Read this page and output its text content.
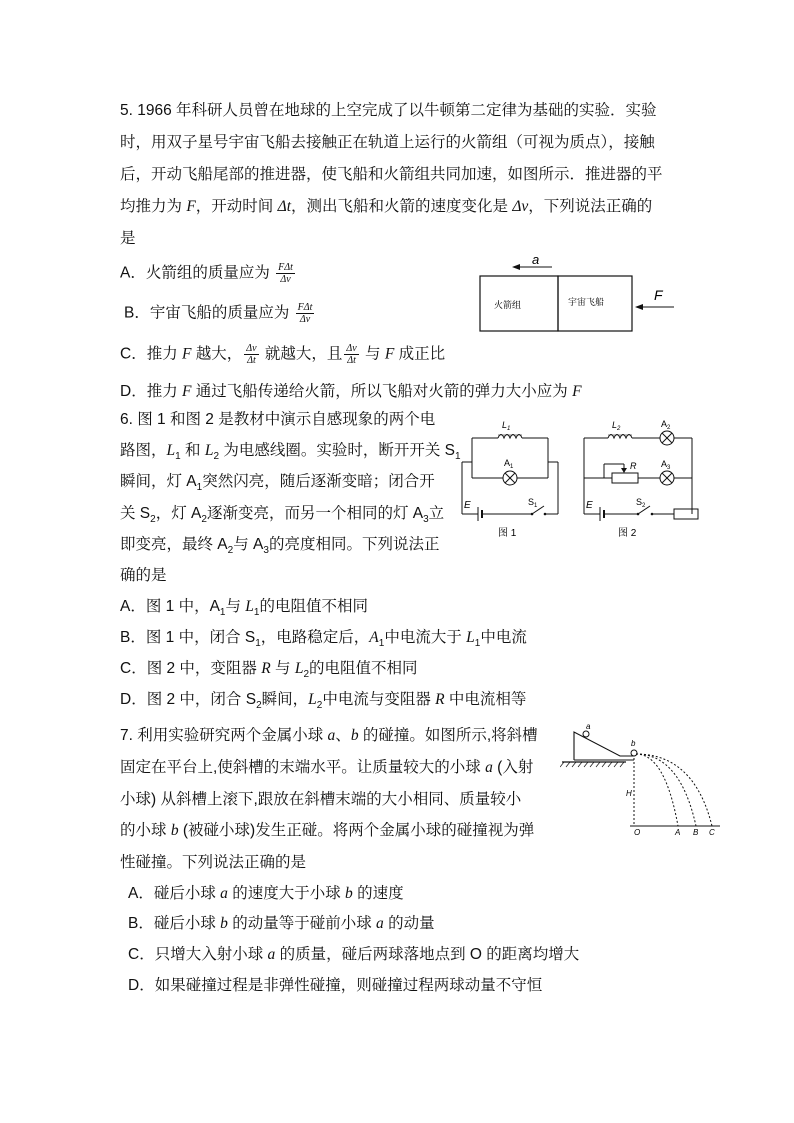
5. 1966 年科研人员曾在地球的上空完成了以牛顿第二定律为基础的实验．实验
时，用双子星号宇宙飞船去接触正在轨道上运行的火箭组（可视为质点），接触
后，开动飞船尾部的推进器，使飞船和火箭组共同加速，如图所示．推进器的平
均推力为 F，开动时间 Δt，测出飞船和火箭的速度变化是 Δv，下列说法正确的
是
A．火箭组的质量应为 $\frac{\text{FΔt}}{\Delta v}$
B．宇宙飞船的质量应为 $\frac{\text{FΔt}}{\Delta v}$
C．推力 F 越大， $\frac{\Delta v}{\Delta t}$ 就越大，且 $\frac{\Delta v}{\Delta t}$ 与 F 成正比
D．推力 F 通过飞船传递给火箭，所以飞船对火箭的弹力大小应为 F
a
火箭组	宇宙飞船	F
6. 图 1 和图 2 是教材中演示自感现象的两个电
路图，$L_1$ 和 $L_2$ 为电感线圈。实验时，断开开关 $S_1$
瞬间，灯 $A_1$突然闪亮，随后逐渐变暗；闭合开
关 $S_2$，灯 $A_2$逐渐变亮，而另一个相同的灯 $A_3$立
即变亮，最终 $A_2$与 $A_3$的亮度相同。下列说法正
确的是
A．图 1 中，$A_1$与 $L_1$的电阻值不相同
B．图 1 中，闭合 $S_1$，电路稳定后，$A_1$中电流大于 $L_1$中电流
C．图 2 中，变阻器 R 与 $L_2$的电阻值不相同
D．图 2 中，闭合 $S_2$瞬间，$L_2$中电流与变阻器 R 中电流相等
$L_1$
$A_1$
E	$S_1$
图 1
$L_2$	$A_2$
R	$A_3$
E	$S_2$
图 2
7. 利用实验研究两个金属小球 a、b 的碰撞。如图所示,将斜槽
固定在平台上,使斜槽的末端水平。让质量较大的小球 a (入射
小球) 从斜槽上滚下,跟放在斜槽末端的大小相同、质量较小
的小球 b (被碰小球)发生正碰。将两个金属小球的碰撞视为弹
性碰撞。下列说法正确的是
A．碰后小球 a 的速度大于小球 b 的速度
B．碰后小球 b 的动量等于碰前小球 a 的动量
C．只增大入射小球 a 的质量，碰后两球落地点到 O 的距离均增大
D．如果碰撞过程是非弹性碰撞，则碰撞过程两球动量不守恒
a
b
H
O	A B C
